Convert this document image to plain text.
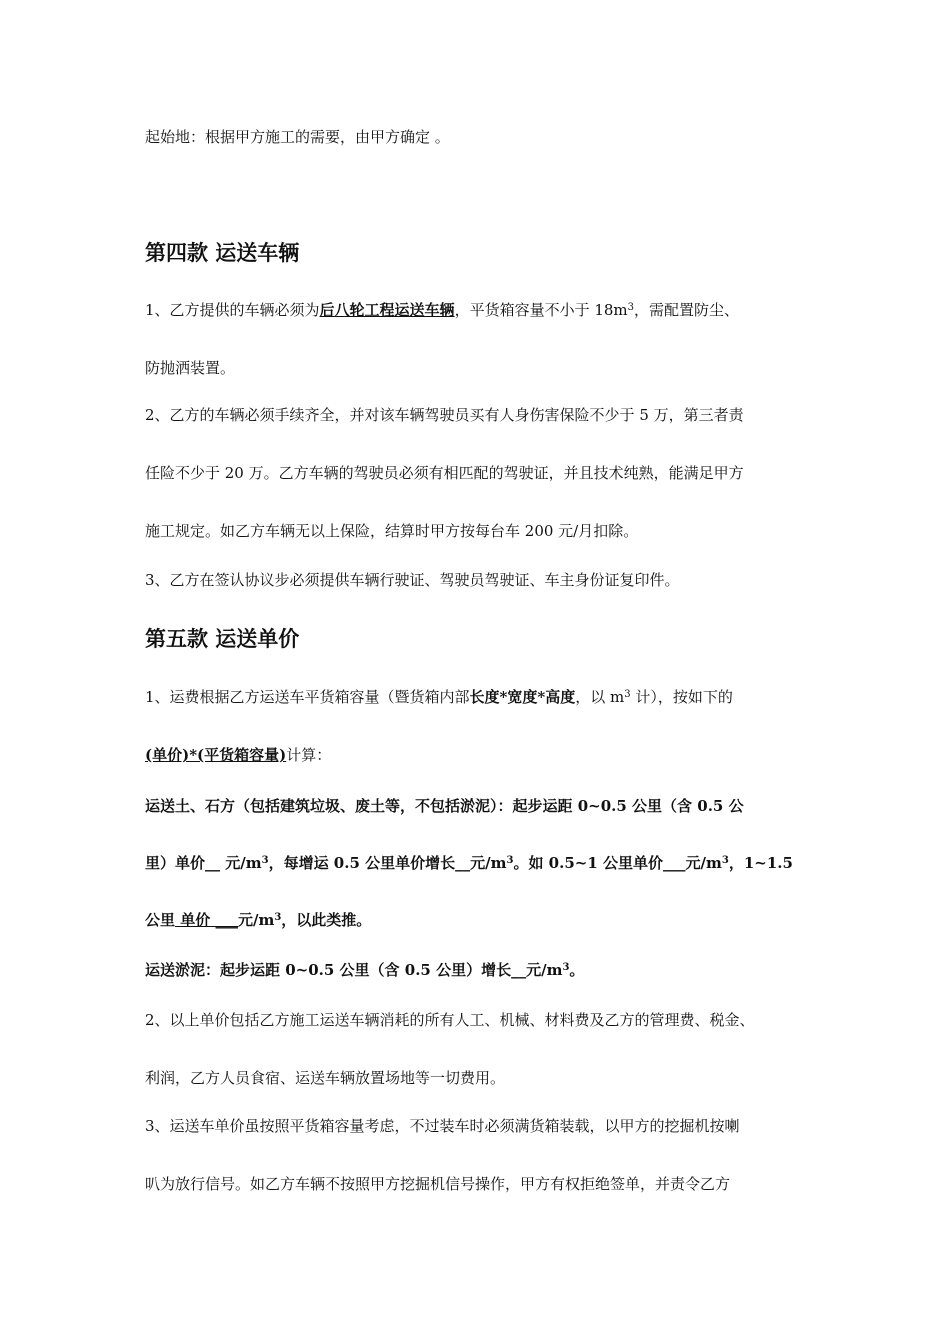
起始地：根据甲方施工的需要，由甲方确定 。
第四款 运送车辆
1、乙方提供的车辆必须为后八轮工程运送车辆，平货箱容量不小于 $18m^3$，需配置防尘、
防抛洒装置。
2、乙方的车辆必须手续齐全，并对该车辆驾驶员买有人身伤害保险不少于 5 万，第三者责
任险不少于 20 万。乙方车辆的驾驶员必须有相匹配的驾驶证，并且技术纯熟，能满足甲方
施工规定。如乙方车辆无以上保险，结算时甲方按每台车 200 元/月扣除。
3、乙方在签认协议步必须提供车辆行驶证、驾驶员驾驶证、车主身份证复印件。
第五款 运送单价
1、运费根据乙方运送车平货箱容量（暨货箱内部长度*宽度*高度，以 $m^3$ 计），按如下的
(单价)*(平货箱容量)计算：
运送土、石方（包括建筑垃圾、废土等，不包括淤泥）：起步运距 0~0.5 公里（含 0.5 公
里）单价__ 元$/m^3$，每增运 0.5 公里单价增长__元$/m^3$。如 0.5~1 公里单价___元$/m^3$，1~1.5
公里 单价 ___元$/m^3$，以此类推。
运送淤泥：起步运距 0~0.5 公里（含 0.5 公里）增长__元$/m^3$。
2、以上单价包括乙方施工运送车辆消耗的所有人工、机械、材料费及乙方的管理费、税金、
利润，乙方人员食宿、运送车辆放置场地等一切费用。
3、运送车单价虽按照平货箱容量考虑，不过装车时必须满货箱装载，以甲方的挖掘机按喇
叭为放行信号。如乙方车辆不按照甲方挖掘机信号操作，甲方有权拒绝签单，并责令乙方
